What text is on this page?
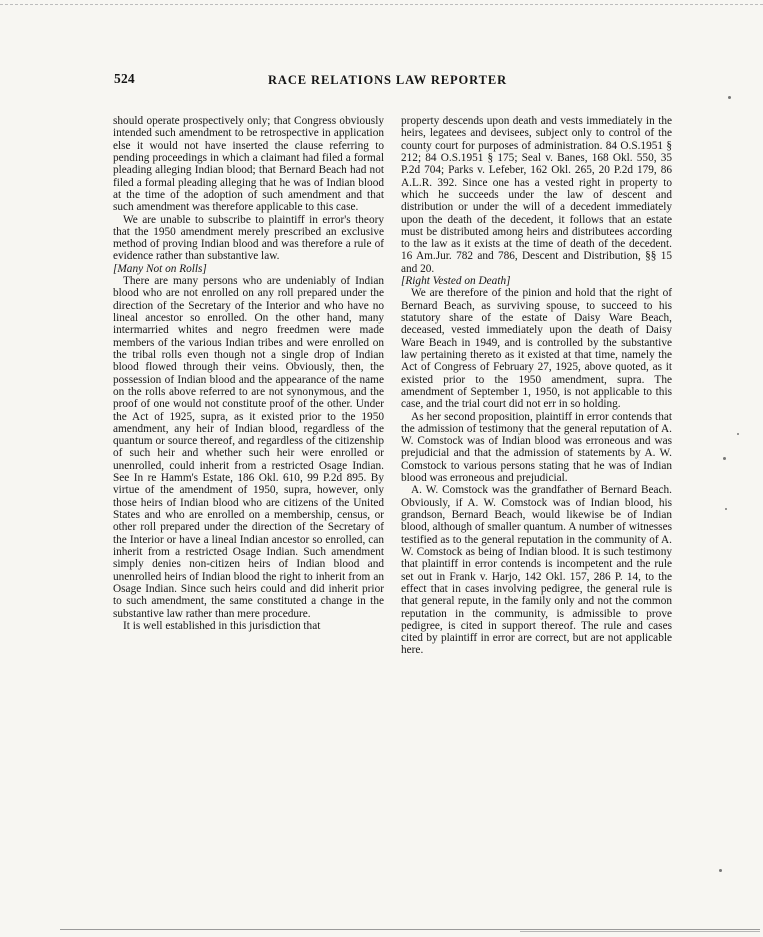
524	RACE RELATIONS LAW REPORTER

should operate prospectively only; that Congress obviously intended such amendment to be retrospective in application else it would not have inserted the clause referring to pending proceedings in which a claimant had filed a formal pleading alleging Indian blood; that Bernard Beach had not filed a formal pleading alleging that he was of Indian blood at the time of the adoption of such amendment and that such amendment was therefore applicable to this case.

We are unable to subscribe to plaintiff in error's theory that the 1950 amendment merely prescribed an exclusive method of proving Indian blood and was therefore a rule of evidence rather than substantive law.

[Many Not on Rolls]

There are many persons who are undeniably of Indian blood who are not enrolled on any roll prepared under the direction of the Secretary of the Interior and who have no lineal ancestor so enrolled. On the other hand, many intermarried whites and negro freedmen were made members of the various Indian tribes and were enrolled on the tribal rolls even though not a single drop of Indian blood flowed through their veins. Obviously, then, the possession of Indian blood and the appearance of the name on the rolls above referred to are not synonymous, and the proof of one would not constitute proof of the other. Under the Act of 1925, supra, as it existed prior to the 1950 amendment, any heir of Indian blood, regardless of the quantum or source thereof, and regardless of the citizenship of such heir and whether such heir were enrolled or unenrolled, could inherit from a restricted Osage Indian. See In re Hamm's Estate, 186 Okl. 610, 99 P.2d 895. By virtue of the amendment of 1950, supra, however, only those heirs of Indian blood who are citizens of the United States and who are enrolled on a membership, census, or other roll prepared under the direction of the Secretary of the Interior or have a lineal Indian ancestor so enrolled, can inherit from a restricted Osage Indian. Such amendment simply denies non-citizen heirs of Indian blood and unenrolled heirs of Indian blood the right to inherit from an Osage Indian. Since such heirs could and did inherit prior to such amendment, the same constituted a change in the substantive law rather than mere procedure.

It is well established in this jurisdiction that

property descends upon death and vests immediately in the heirs, legatees and devisees, subject only to control of the county court for purposes of administration. 84 O.S.1951 § 212; 84 O.S.1951 § 175; Seal v. Banes, 168 Okl. 550, 35 P.2d 704; Parks v. Lefeber, 162 Okl. 265, 20 P.2d 179, 86 A.L.R. 392. Since one has a vested right in property to which he succeeds under the law of descent and distribution or under the will of a decedent immediately upon the death of the decedent, it follows that an estate must be distributed among heirs and distributees according to the law as it exists at the time of death of the decedent. 16 Am.Jur. 782 and 786, Descent and Distribution, §§ 15 and 20.

[Right Vested on Death]

We are therefore of the pinion and hold that the right of Bernard Beach, as surviving spouse, to succeed to his statutory share of the estate of Daisy Ware Beach, deceased, vested immediately upon the death of Daisy Ware Beach in 1949, and is controlled by the substantive law pertaining thereto as it existed at that time, namely the Act of Congress of February 27, 1925, above quoted, as it existed prior to the 1950 amendment, supra. The amendment of September 1, 1950, is not applicable to this case, and the trial court did not err in so holding.

As her second proposition, plaintiff in error contends that the admission of testimony that the general reputation of A. W. Comstock was of Indian blood was erroneous and was prejudicial and that the admission of statements by A. W. Comstock to various persons stating that he was of Indian blood was erroneous and prejudicial.

A. W. Comstock was the grandfather of Bernard Beach. Obviously, if A. W. Comstock was of Indian blood, his grandson, Bernard Beach, would likewise be of Indian blood, although of smaller quantum. A number of witnesses testified as to the general reputation in the community of A. W. Comstock as being of Indian blood. It is such testimony that plaintiff in error contends is incompetent and the rule set out in Frank v. Harjo, 142 Okl. 157, 286 P. 14, to the effect that in cases involving pedigree, the general rule is that general repute, in the family only and not the common reputation in the community, is admissible to prove pedigree, is cited in support thereof. The rule and cases cited by plaintiff in error are correct, but are not applicable here.
